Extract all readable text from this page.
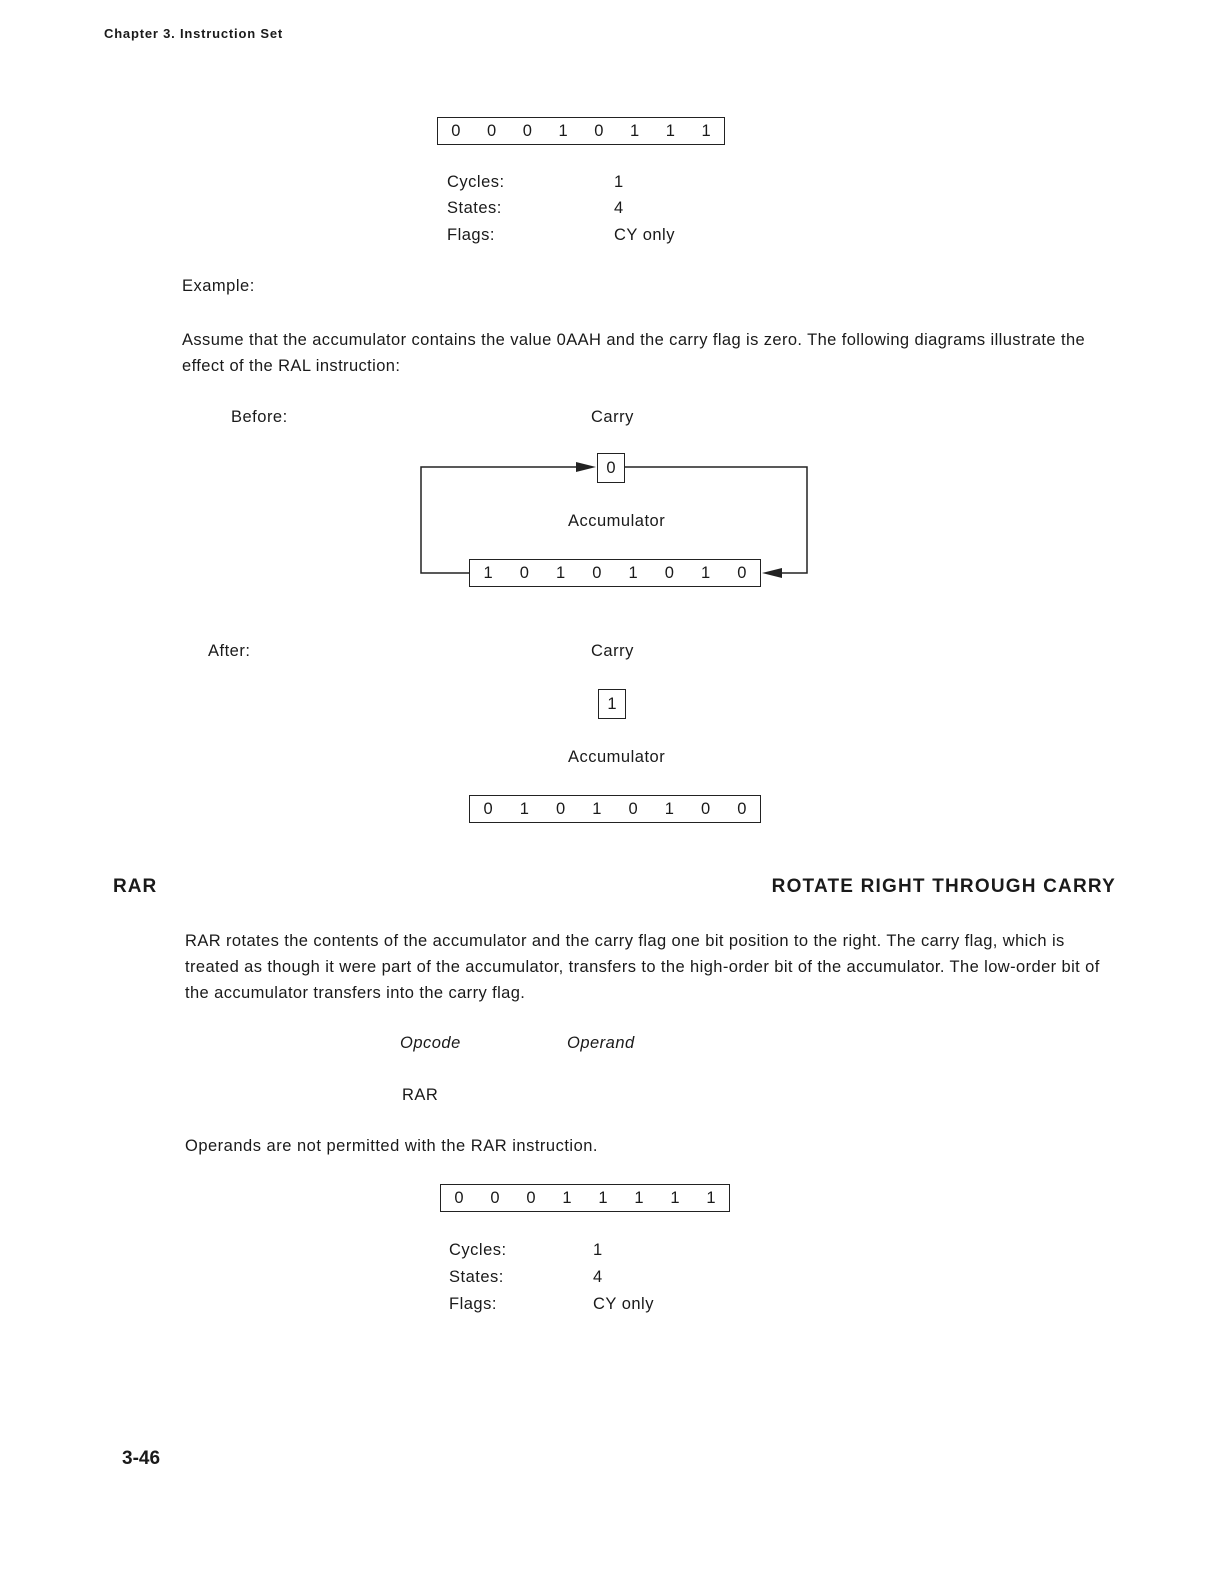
Chapter 3. Instruction Set
0	0	0	1	0	1	1	1
Cycles:	1
States:	4
Flags:	CY only
Example:
Assume that the accumulator contains the value 0AAH and the carry flag is zero. The following diagrams illustrate the effect of the RAL instruction:
Before:	Carry
0
Accumulator
1	0	1	0	1	0	1	0
After:	Carry
1
Accumulator
0	1	0	1	0	1	0	0
RAR	ROTATE RIGHT THROUGH CARRY
RAR rotates the contents of the accumulator and the carry flag one bit position to the right. The carry flag, which is treated as though it were part of the accumulator, transfers to the high-order bit of the accumulator. The low-order bit of the accumulator transfers into the carry flag.
Opcode	Operand
RAR
Operands are not permitted with the RAR instruction.
0	0	0	1	1	1	1	1
Cycles:	1
States:	4
Flags:	CY only
3-46
